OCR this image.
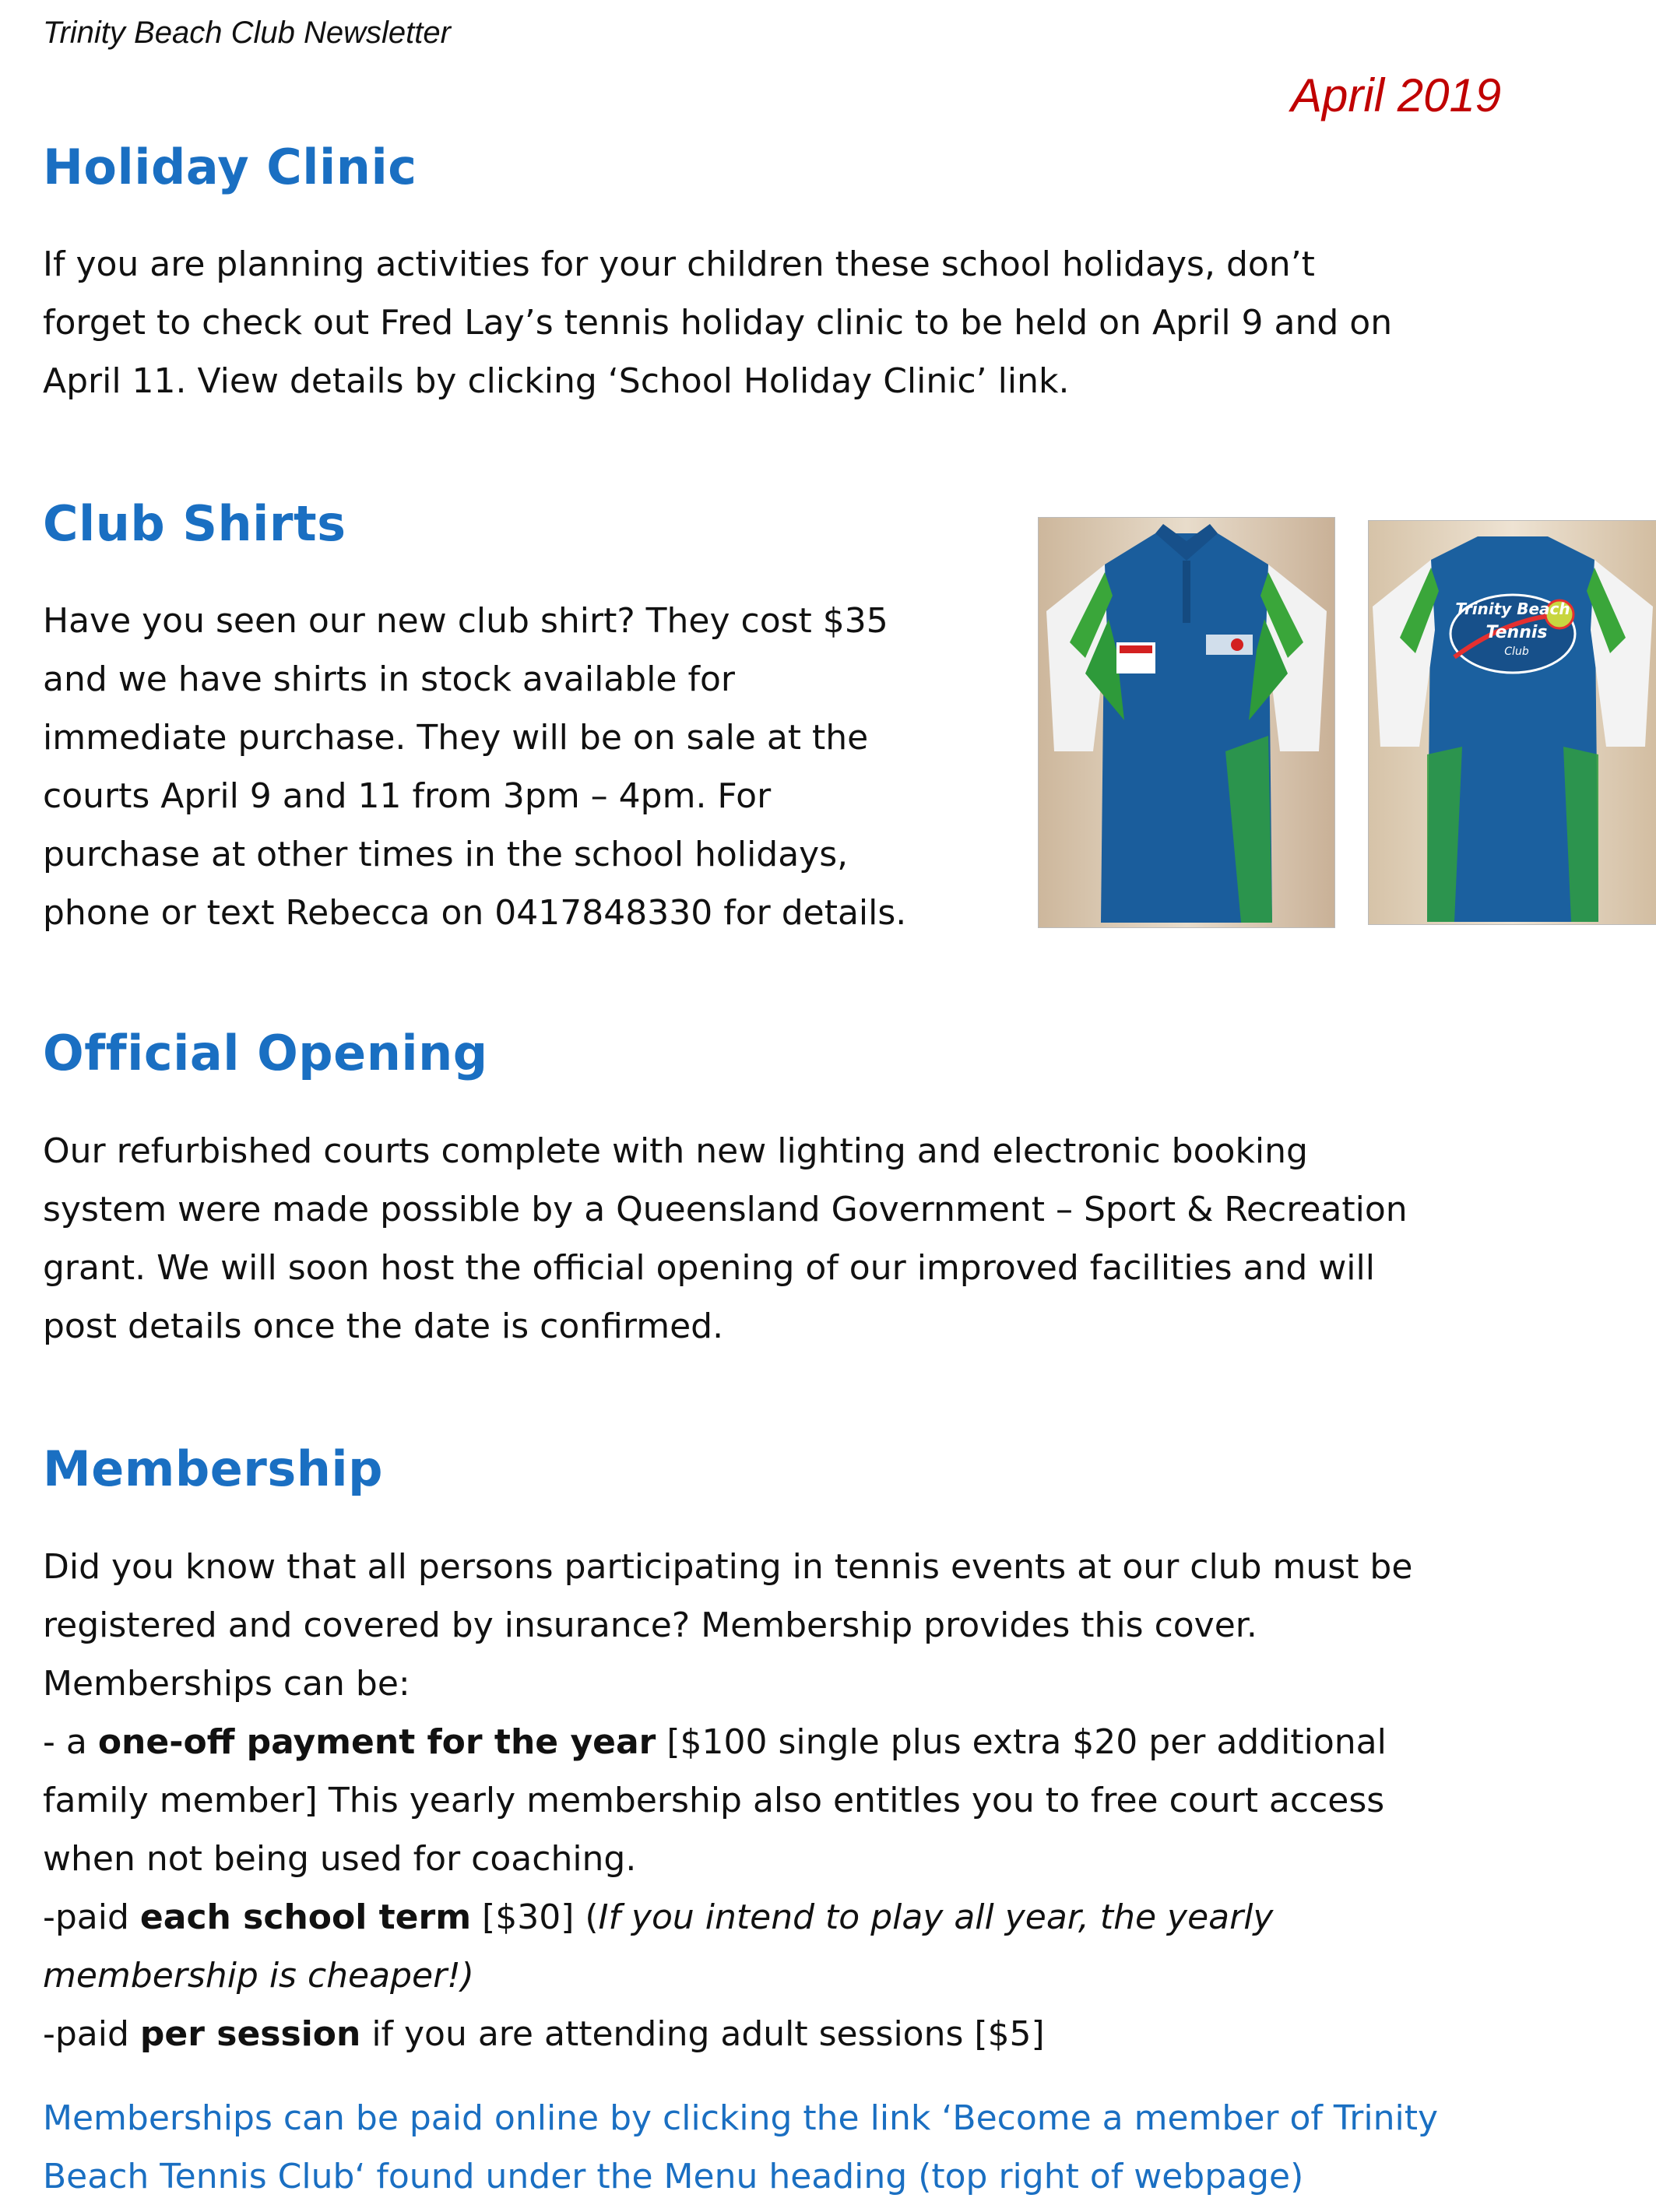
Trinity Beach Club Newsletter
April 2019
Holiday Clinic
If you are planning activities for your children these school holidays, don’t
forget to check out Fred Lay’s tennis holiday clinic to be held on April 9 and on
April 11. View details by clicking ‘School Holiday Clinic’ link.
Club Shirts
Have you seen our new club shirt? They cost $35
and we have shirts in stock available for
immediate purchase. They will be on sale at the
courts April 9 and 11 from 3pm – 4pm. For
purchase at other times in the school holidays,
phone or text Rebecca on 0417848330 for details.
Trinity Beach
Tennis
Club
Official Opening
Our refurbished courts complete with new lighting and electronic booking
system were made possible by a Queensland Government – Sport & Recreation
grant. We will soon host the official opening of our improved facilities and will
post details once the date is confirmed.
Membership
Did you know that all persons participating in tennis events at our club must be
registered and covered by insurance? Membership provides this cover.
Memberships can be:
- a one-off payment for the year [$100 single plus extra $20 per additional
family member] This yearly membership also entitles you to free court access
when not being used for coaching.
-paid each school term [$30] (If you intend to play all year, the yearly
membership is cheaper!)
-paid per session if you are attending adult sessions [$5]
Memberships can be paid online by clicking the link ‘Become a member of Trinity
Beach Tennis Club‘ found under the Menu heading (top right of webpage)
